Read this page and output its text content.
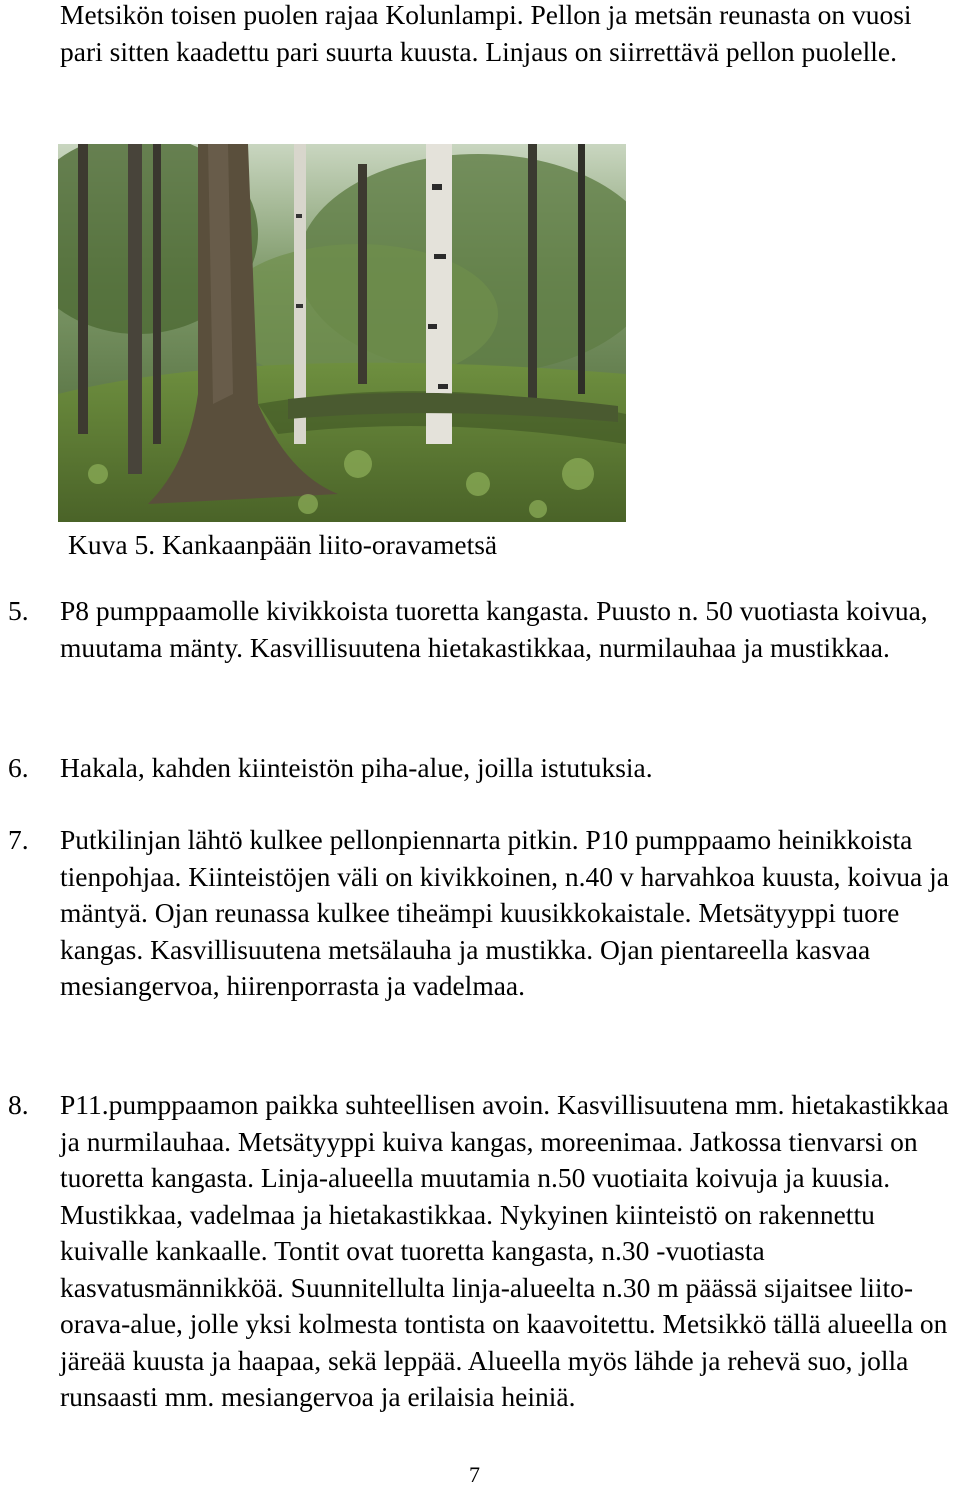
Metsikön toisen puolen rajaa Kolunlampi. Pellon ja metsän reunasta on vuosi pari sitten kaadettu pari suurta kuusta. Linjaus on siirrettävä pellon puolelle.

Kuva 5. Kankaanpään liito-oravametsä
5. P8 pumppaamolle kivikkoista tuoretta kangasta. Puusto n. 50 vuotiasta koivua, muutama mänty. Kasvillisuutena hietakastikkaa, nurmilauhaa ja mustikkaa.
6. Hakala, kahden kiinteistön piha-alue, joilla istutuksia.
7. Putkilinjan lähtö kulkee pellonpiennarta pitkin. P10 pumppaamo heinikkoista tienpohjaa. Kiinteistöjen väli on kivikkoinen, n.40 v harvahkoa kuusta, koivua ja mäntyä. Ojan reunassa kulkee tiheämpi kuusikkokaistale. Metsätyyppi tuore kangas. Kasvillisuutena metsälauha ja mustikka. Ojan pientareella kasvaa mesiangervoa, hiirenporrasta ja vadelmaa.
8. P11.pumppaamon paikka suhteellisen avoin. Kasvillisuutena mm. hietakastikkaa ja nurmilauhaa. Metsätyyppi kuiva kangas, moreenimaa. Jatkossa tienvarsi on tuoretta kangasta. Linja-alueella muutamia n.50 vuotiaita koivuja ja kuusia. Mustikkaa, vadelmaa ja hietakastikkaa. Nykyinen kiinteistö on rakennettu kuivalle kankaalle. Tontit ovat tuoretta kangasta, n.30 -vuotiasta kasvatusmännikköä. Suunnitellulta linja-alueelta n.30 m päässä sijaitsee liito-orava-alue, jolle yksi kolmesta tontista on kaavoitettu. Metsikkö tällä alueella on järeää kuusta ja haapaa, sekä leppää. Alueella myös lähde ja rehevä suo, jolla runsaasti mm. mesiangervoa ja erilaisia heiniä.
7
